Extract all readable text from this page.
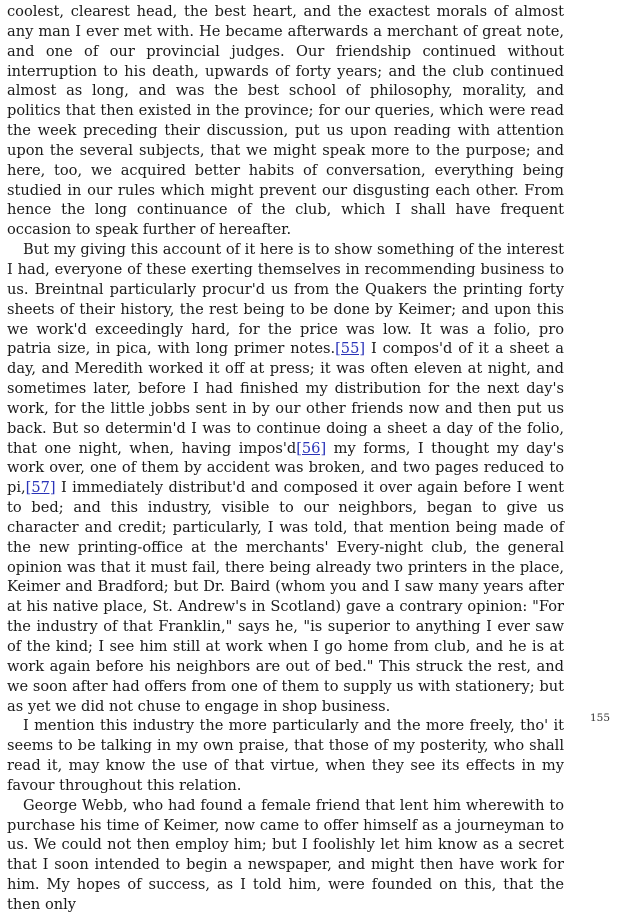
coolest, clearest head, the best heart, and the exactest morals of almost any man I ever met with. He became afterwards a merchant of great note, and one of our provincial judges. Our friendship continued without interruption to his death, upwards of forty years; and the club continued almost as long, and was the best school of philosophy, morality, and politics that then existed in the province; for our queries, which were read the week preceding their discussion, put us upon reading with attention upon the several subjects, that we might speak more to the purpose; and here, too, we acquired better habits of conversation, everything being studied in our rules which might prevent our disgusting each other. From hence the long continuance of the club, which I shall have frequent occasion to speak further of hereafter.

But my giving this account of it here is to show something of the interest I had, everyone of these exerting themselves in recommending business to us. Breintnal particularly procur'd us from the Quakers the printing forty sheets of their history, the rest being to be done by Keimer; and upon this we work'd exceedingly hard, for the price was low. It was a folio, pro patria size, in pica, with long primer notes.[55] I compos'd of it a sheet a day, and Meredith worked it off at press; it was often eleven at night, and sometimes later, before I had finished my distribution for the next day's work, for the little jobbs sent in by our other friends now and then put us back. But so determin'd I was to continue doing a sheet a day of the folio, that one night, when, having impos'd[56] my forms, I thought my day's work over, one of them by accident was broken, and two pages reduced to pi,[57] I immediately distribut'd and composed it over again before I went to bed; and this industry, visible to our neighbors, began to give us character and credit; particularly, I was told, that mention being made of the new printing-office at the merchants' Every-night club, the general opinion was that it must fail, there being already two printers in the place, Keimer and Bradford; but Dr. Baird (whom you and I saw many years after at his native place, St. Andrew's in Scotland) gave a contrary opinion: "For the industry of that Franklin," says he, "is superior to anything I ever saw of the kind; I see him still at work when I go home from club, and he is at work again before his neighbors are out of bed." This struck the rest, and we soon after had offers from one of them to supply us with stationery; but as yet we did not chuse to engage in shop business.

I mention this industry the more particularly and the more freely, tho' it seems to be talking in my own praise, that those of my posterity, who shall read it, may know the use of that virtue, when they see its effects in my favour throughout this relation.

George Webb, who had found a female friend that lent him wherewith to purchase his time of Keimer, now came to offer himself as a journeyman to us. We could not then employ him; but I foolishly let him know as a secret that I soon intended to begin a newspaper, and might then have work for him. My hopes of success, as I told him, were founded on this, that the then only

155
